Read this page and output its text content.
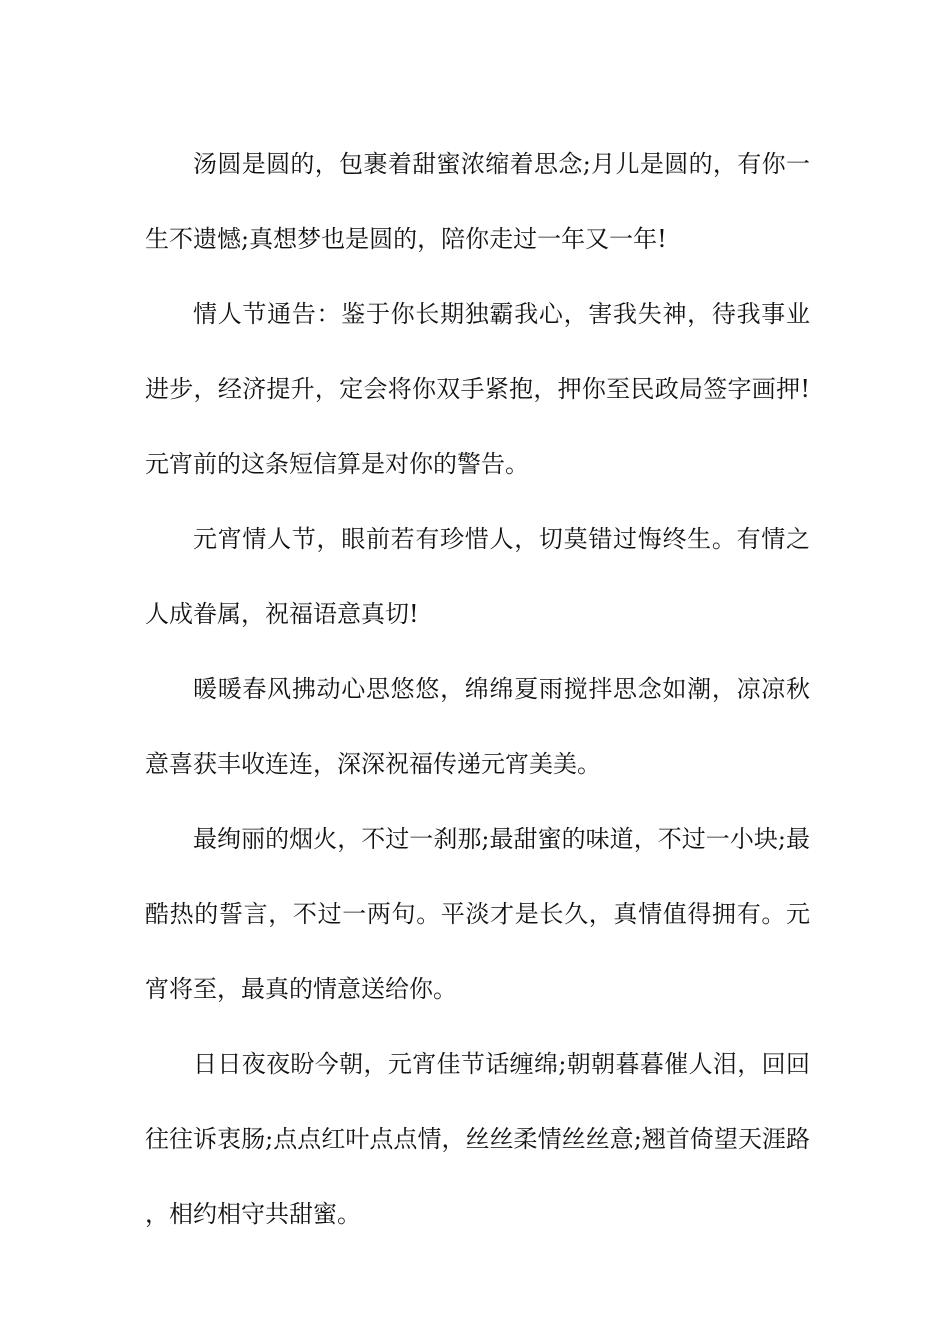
汤圆是圆的，包裹着甜蜜浓缩着思念;月儿是圆的，有你一生不遗憾;真想梦也是圆的，陪你走过一年又一年!

情人节通告：鉴于你长期独霸我心，害我失神，待我事业进步，经济提升，定会将你双手紧抱，押你至民政局签字画押!元宵前的这条短信算是对你的警告。

元宵情人节，眼前若有珍惜人，切莫错过悔终生。有情之人成眷属，祝福语意真切!

暖暖春风拂动心思悠悠，绵绵夏雨搅拌思念如潮，凉凉秋意喜获丰收连连，深深祝福传递元宵美美。

最绚丽的烟火，不过一刹那;最甜蜜的味道，不过一小块;最酷热的誓言，不过一两句。平淡才是长久，真情值得拥有。元宵将至，最真的情意送给你。

日日夜夜盼今朝，元宵佳节话缠绵;朝朝暮暮催人泪，回回往往诉衷肠;点点红叶点点情，丝丝柔情丝丝意;翘首倚望天涯路，相约相守共甜蜜。
